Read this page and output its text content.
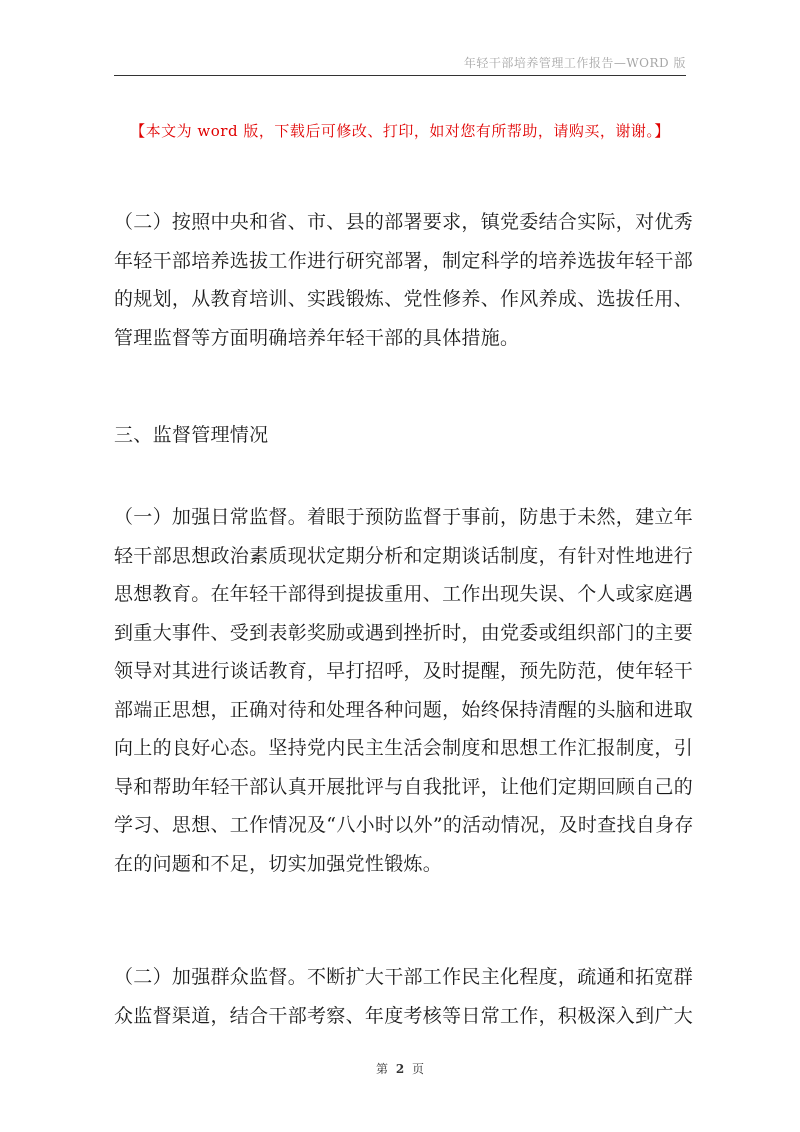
年轻干部培养管理工作报告—WORD 版
【本文为 word 版，下载后可修改、打印，如对您有所帮助，请购买，谢谢。】
（二）按照中央和省、市、县的部署要求，镇党委结合实际，对优秀
年轻干部培养选拔工作进行研究部署，制定科学的培养选拔年轻干部
的规划，从教育培训、实践锻炼、党性修养、作风养成、选拔任用、
管理监督等方面明确培养年轻干部的具体措施。
三、监督管理情况
（一）加强日常监督。着眼于预防监督于事前，防患于未然，建立年
轻干部思想政治素质现状定期分析和定期谈话制度，有针对性地进行
思想教育。在年轻干部得到提拔重用、工作出现失误、个人或家庭遇
到重大事件、受到表彰奖励或遇到挫折时，由党委或组织部门的主要
领导对其进行谈话教育，早打招呼，及时提醒，预先防范，使年轻干
部端正思想，正确对待和处理各种问题，始终保持清醒的头脑和进取
向上的良好心态。坚持党内民主生活会制度和思想工作汇报制度，引
导和帮助年轻干部认真开展批评与自我批评，让他们定期回顾自己的
学习、思想、工作情况及“八小时以外”的活动情况，及时查找自身存
在的问题和不足，切实加强党性锻炼。
（二）加强群众监督。不断扩大干部工作民主化程度，疏通和拓宽群
众监督渠道，结合干部考察、年度考核等日常工作，积极深入到广大
第 2 页
